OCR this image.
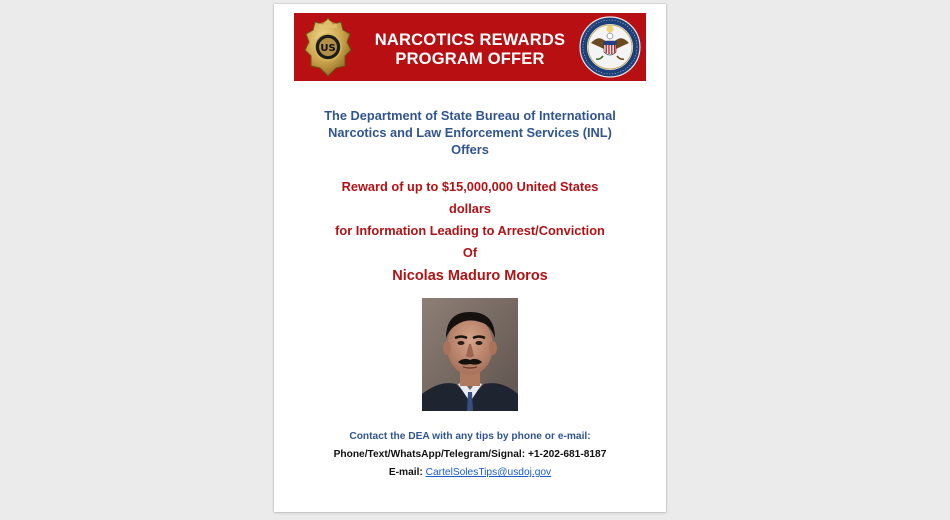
US	NARCOTICS REWARDS
PROGRAM OFFER
The Department of State Bureau of International
Narcotics and Law Enforcement Services (INL)
Offers
Reward of up to $15,000,000 United States
dollars
for Information Leading to Arrest/Conviction
Of
Nicolas Maduro Moros
Contact the DEA with any tips by phone or e-mail:
Phone/Text/WhatsApp/Telegram/Signal: +1-202-681-8187
E-mail: CartelSolesTips@usdoj.gov
